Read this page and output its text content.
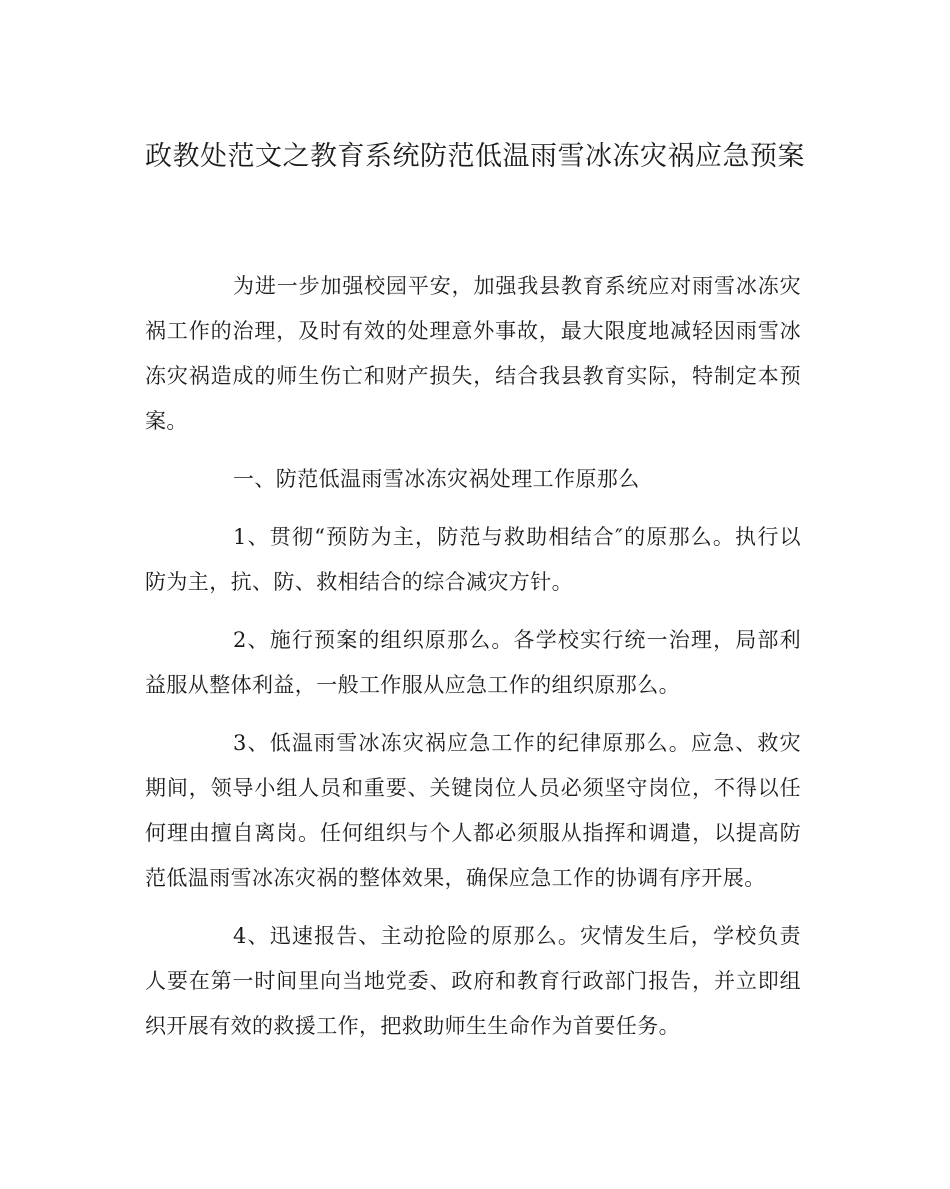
政教处范文之教育系统防范低温雨雪冰冻灾祸应急预案

为进一步加强校园平安，加强我县教育系统应对雨雪冰冻灾祸工作的治理，及时有效的处理意外事故，最大限度地减轻因雨雪冰冻灾祸造成的师生伤亡和财产损失，结合我县教育实际，特制定本预案。

一、防范低温雨雪冰冻灾祸处理工作原那么

1、贯彻“预防为主，防范与救助相结合″的原那么。执行以防为主，抗、防、救相结合的综合减灾方针。

2、施行预案的组织原那么。各学校实行统一治理，局部利益服从整体利益，一般工作服从应急工作的组织原那么。

3、低温雨雪冰冻灾祸应急工作的纪律原那么。应急、救灾期间，领导小组人员和重要、关键岗位人员必须坚守岗位，不得以任何理由擅自离岗。任何组织与个人都必须服从指挥和调遣，以提高防范低温雨雪冰冻灾祸的整体效果，确保应急工作的协调有序开展。

4、迅速报告、主动抢险的原那么。灾情发生后，学校负责人要在第一时间里向当地党委、政府和教育行政部门报告，并立即组织开展有效的救援工作，把救助师生生命作为首要任务。
